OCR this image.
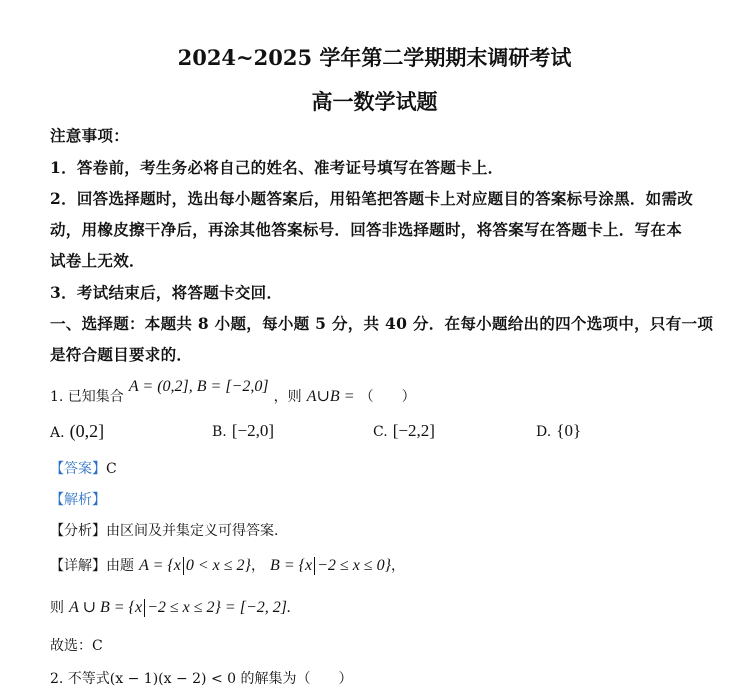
2024~2025 学年第二学期期末调研考试
高一数学试题
注意事项：
1．答卷前，考生务必将自己的姓名、准考证号填写在答题卡上．
2．回答选择题时，选出每小题答案后，用铅笔把答题卡上对应题目的答案标号涂黑．如需改
动，用橡皮擦干净后，再涂其他答案标号．回答非选择题时，将答案写在答题卡上．写在本
试卷上无效．
3．考试结束后，将答题卡交回．
一、选择题：本题共 8 小题，每小题 5 分，共 40 分．在每小题给出的四个选项中，只有一项
是符合题目要求的．
1. 已知集合 A = (0,2], B = [−2,0] ，则 A∪B = （　　）
A. (0,2]	B. [−2,0]	C. [−2,2]	D. {0}
【答案】C
【解析】
【分析】由区间及并集定义可得答案.
【详解】由题 A = {x 0 < x ≤ 2}， B = {x −2 ≤ x ≤ 0}，
则 A ∪ B = {x −2 ≤ x ≤ 2} = [−2, 2].
故选：C
2. 不等式(x − 1)(x − 2) < 0 的解集为（　　）
